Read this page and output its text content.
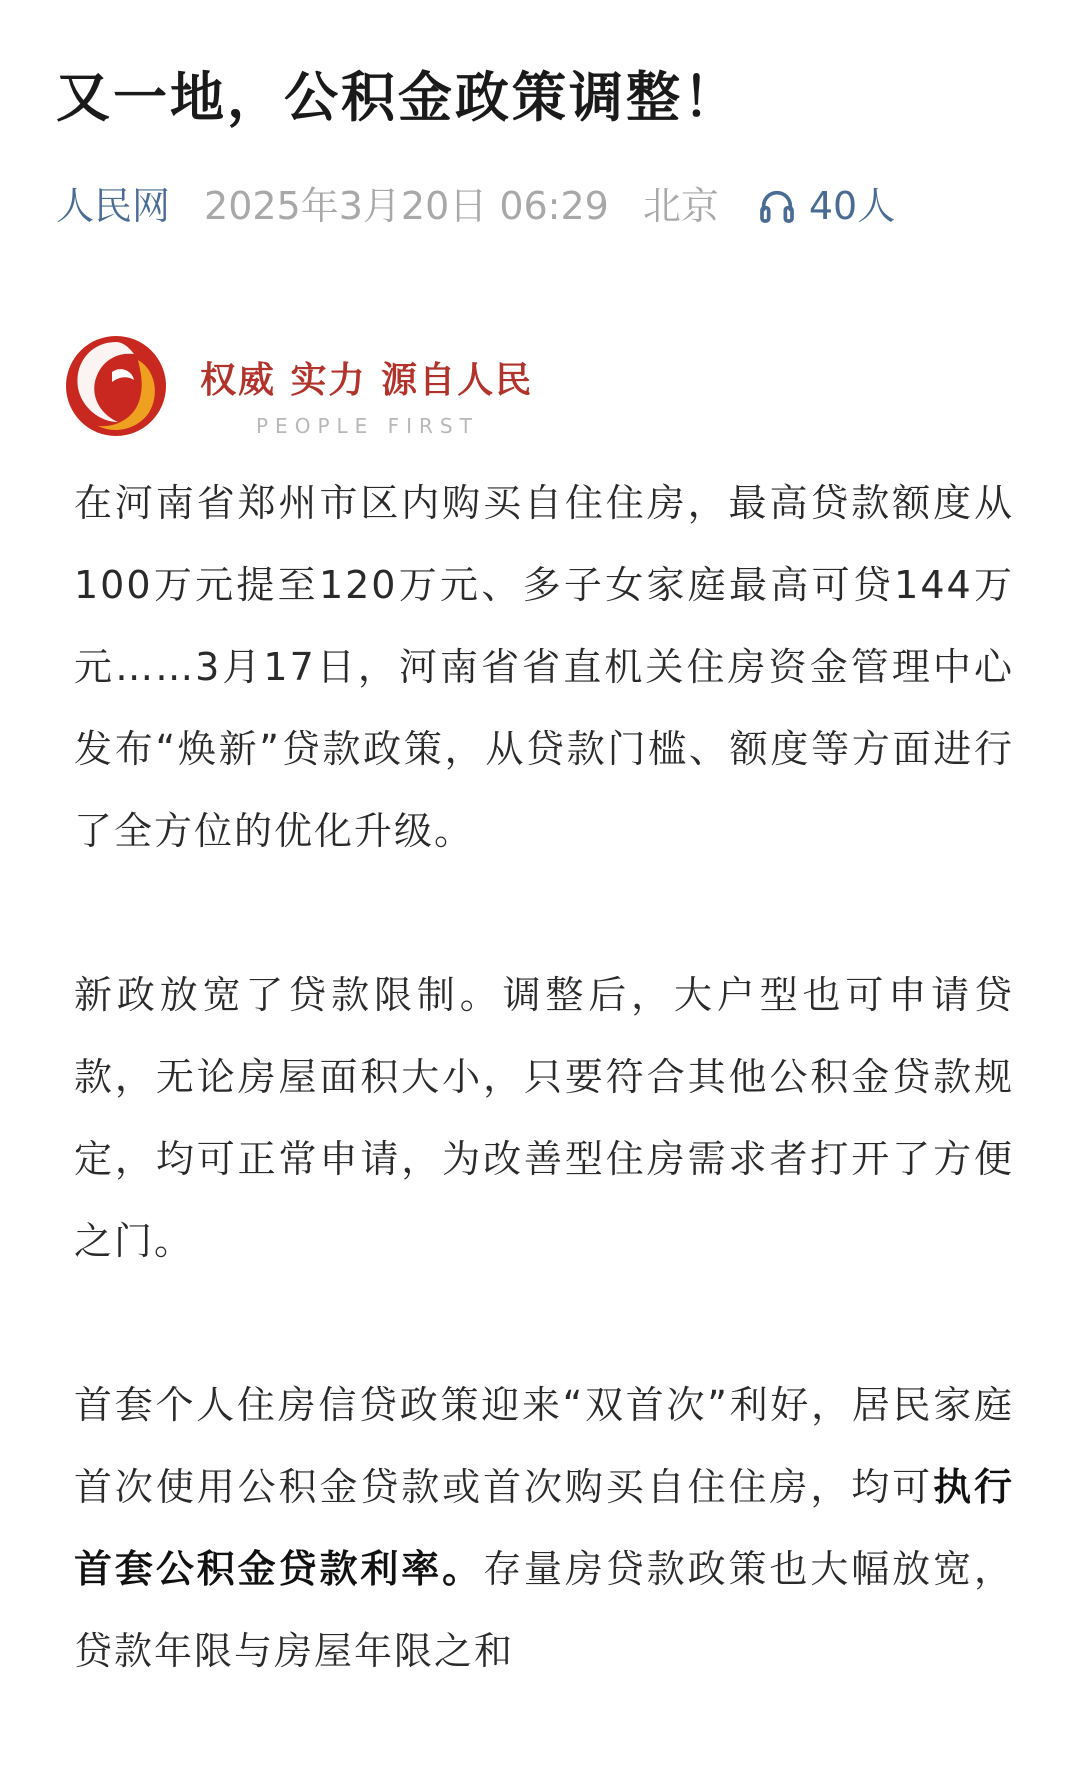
又一地，公积金政策调整！
人民网 2025年3月20日 06:29 北京 40人
权威 实力 源自人民
PEOPLE FIRST

在河南省郑州市区内购买自住住房，最高贷款额度从100万元提至120万元、多子女家庭最高可贷144万元……3月17日，河南省省直机关住房资金管理中心发布“焕新”贷款政策，从贷款门槛、额度等方面进行了全方位的优化升级。

新政放宽了贷款限制。调整后，大户型也可申请贷款，无论房屋面积大小，只要符合其他公积金贷款规定，均可正常申请，为改善型住房需求者打开了方便之门。

首套个人住房信贷政策迎来“双首次”利好，居民家庭首次使用公积金贷款或首次购买自住住房，均可执行首套公积金贷款利率。存量房贷款政策也大幅放宽，贷款年限与房屋年限之和
